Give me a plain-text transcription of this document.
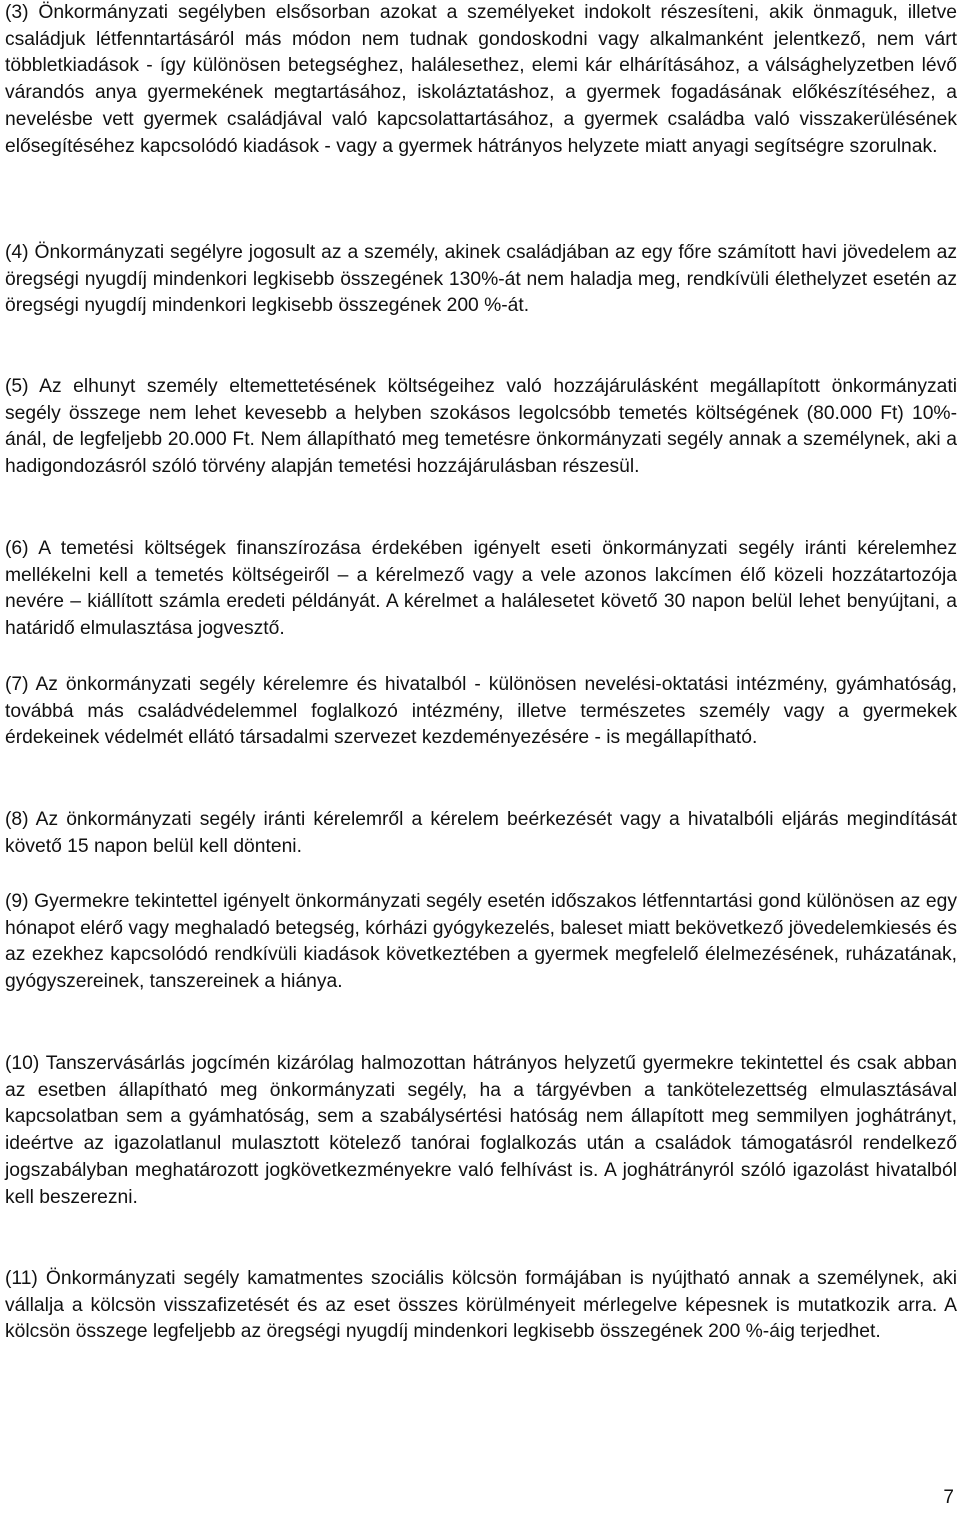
(3) Önkormányzati segélyben elsősorban azokat a személyeket indokolt részesíteni, akik önmaguk, illetve családjuk létfenntartásáról más módon nem tudnak gondoskodni vagy alkalmanként jelentkező, nem várt többletkiadások - így különösen betegséghez, halálesethez, elemi kár elhárításához, a válsághelyzetben lévő várandós anya gyermekének megtartásához, iskoláztatáshoz, a gyermek fogadásának előkészítéséhez, a nevelésbe vett gyermek családjával való kapcsolattartásához, a gyermek családba való visszakerülésének elősegítéséhez kapcsolódó kiadások - vagy a gyermek hátrányos helyzete miatt anyagi segítségre szorulnak.

(4) Önkormányzati segélyre jogosult az a személy, akinek családjában az egy főre számított havi jövedelem az öregségi nyugdíj mindenkori legkisebb összegének 130%-át nem haladja meg, rendkívüli élethelyzet esetén az öregségi nyugdíj mindenkori legkisebb összegének 200 %-át.

(5) Az elhunyt személy eltemettetésének költségeihez való hozzájárulásként megállapított önkormányzati segély összege nem lehet kevesebb a helyben szokásos legolcsóbb temetés költségének (80.000 Ft) 10%-ánál, de legfeljebb 20.000 Ft. Nem állapítható meg temetésre önkormányzati segély annak a személynek, aki a hadigondozásról szóló törvény alapján temetési hozzájárulásban részesül.

(6) A temetési költségek finanszírozása érdekében igényelt eseti önkormányzati segély iránti kérelemhez mellékelni kell a temetés költségeiről – a kérelmező vagy a vele azonos lakcímen élő közeli hozzátartozója nevére – kiállított számla eredeti példányát. A kérelmet a halálesetet követő 30 napon belül lehet benyújtani, a határidő elmulasztása jogvesztő.

(7) Az önkormányzati segély kérelemre és hivatalból - különösen nevelési-oktatási intézmény, gyámhatóság, továbbá más családvédelemmel foglalkozó intézmény, illetve természetes személy vagy a gyermekek érdekeinek védelmét ellátó társadalmi szervezet kezdeményezésére - is megállapítható.

(8) Az önkormányzati segély iránti kérelemről a kérelem beérkezését vagy a hivatalbóli eljárás megindítását követő 15 napon belül kell dönteni.

(9) Gyermekre tekintettel igényelt önkormányzati segély esetén időszakos létfenntartási gond különösen az egy hónapot elérő vagy meghaladó betegség, kórházi gyógykezelés, baleset miatt bekövetkező jövedelemkiesés és az ezekhez kapcsolódó rendkívüli kiadások következtében a gyermek megfelelő élelmezésének, ruházatának, gyógyszereinek, tanszereinek a hiánya.

(10) Tanszervásárlás jogcímén kizárólag halmozottan hátrányos helyzetű gyermekre tekintettel és csak abban az esetben állapítható meg önkormányzati segély, ha a tárgyévben a tankötelezettség elmulasztásával kapcsolatban sem a gyámhatóság, sem a szabálysértési hatóság nem állapított meg semmilyen joghátrányt, ideértve az igazolatlanul mulasztott kötelező tanórai foglalkozás után a családok támogatásról rendelkező jogszabályban meghatározott jogkövetkezményekre való felhívást is. A joghátrányról szóló igazolást hivatalból kell beszerezni.

(11) Önkormányzati segély kamatmentes szociális kölcsön formájában is nyújtható annak a személynek, aki vállalja a kölcsön visszafizetését és az eset összes körülményeit mérlegelve képesnek is mutatkozik arra. A kölcsön összege legfeljebb az öregségi nyugdíj mindenkori legkisebb összegének 200 %-áig terjedhet.

7
